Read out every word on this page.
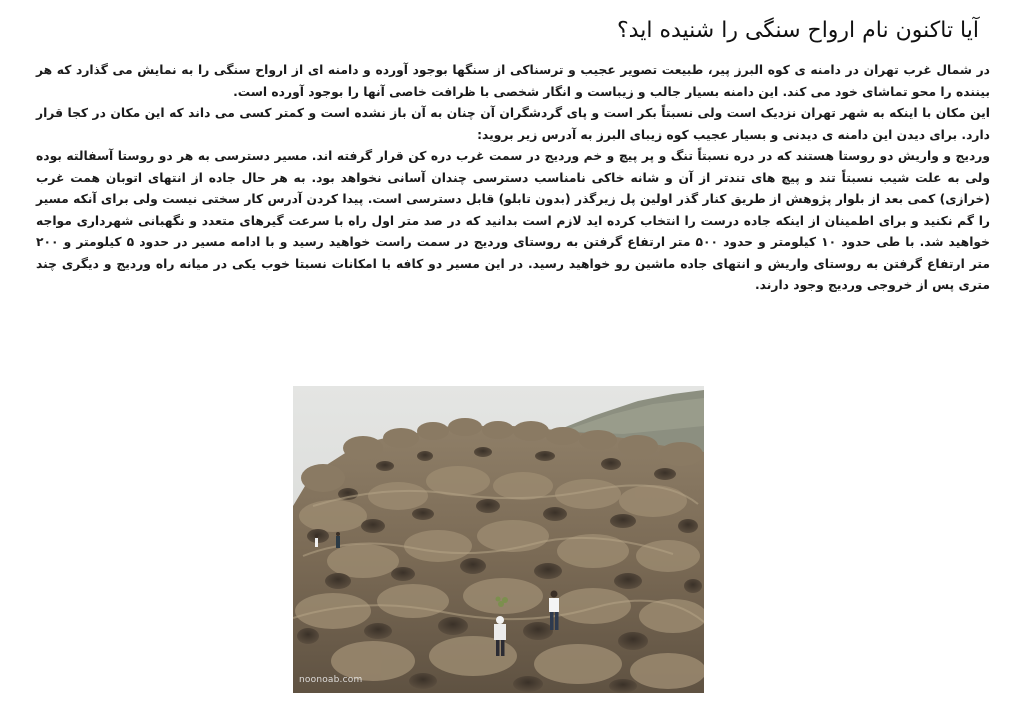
آیا تاکنون نام ارواح سنگی را شنیده اید؟

در شمال غرب تهران در دامنه ی کوه البرز پیر، طبیعت تصویر عجیب و ترسناکی از سنگها بوجود آورده و دامنه ای از ارواح سنگی را به نمایش می گذارد که هر بیننده را محو تماشای خود می کند. این دامنه بسیار جالب و زیباست و انگار شخصی با ظرافت خاصی آنها را بوجود آورده است.

این مکان با اینکه به شهر تهران نزدیک است ولی نسبتاً بکر است و پای گردشگران آن چنان به آن باز نشده است و کمتر کسی می داند که این مکان در کجا قرار دارد. برای دیدن این دامنه ی دیدنی و بسیار عجیب کوه زیبای البرز به آدرس زیر بروید:

وردیج و واریش دو روستا هستند که در دره نسبتاً تنگ و پر پیچ و خم وردیج در سمت غرب دره کن قرار گرفته اند. مسیر دسترسی به هر دو روستا آسفالته بوده ولی به علت شیب نسبتاً تند و پیچ های تندتر از آن و شانه خاکی نامناسب دسترسی چندان آسانی نخواهد بود. به هر حال جاده از انتهای اتوبان همت غرب (خرازی) کمی بعد از بلوار پژوهش از طریق کنار گذر اولین پل زیرگذر (بدون تابلو) قابل دسترسی است. پیدا کردن آدرس کار سختی نیست ولی برای آنکه مسیر را گم نکنید و برای اطمینان از اینکه جاده درست را انتخاب کرده اید لازم است بدانید که در صد متر اول راه با سرعت گیرهای متعدد و نگهبانی شهرداری مواجه خواهید شد. با طی حدود ۱۰ کیلومتر و حدود ۵۰۰ متر ارتفاع گرفتن به روستای وردیج در سمت راست خواهید رسید و با ادامه مسیر در حدود ۵ کیلومتر و ۲۰۰ متر ارتفاع گرفتن به روستای واریش و انتهای جاده ماشین رو خواهید رسید. در این مسیر دو کافه با امکانات نسبتا خوب یکی در میانه راه وردیج و دیگری چند متری پس از خروجی وردیج وجود دارند.

noonoab.com
